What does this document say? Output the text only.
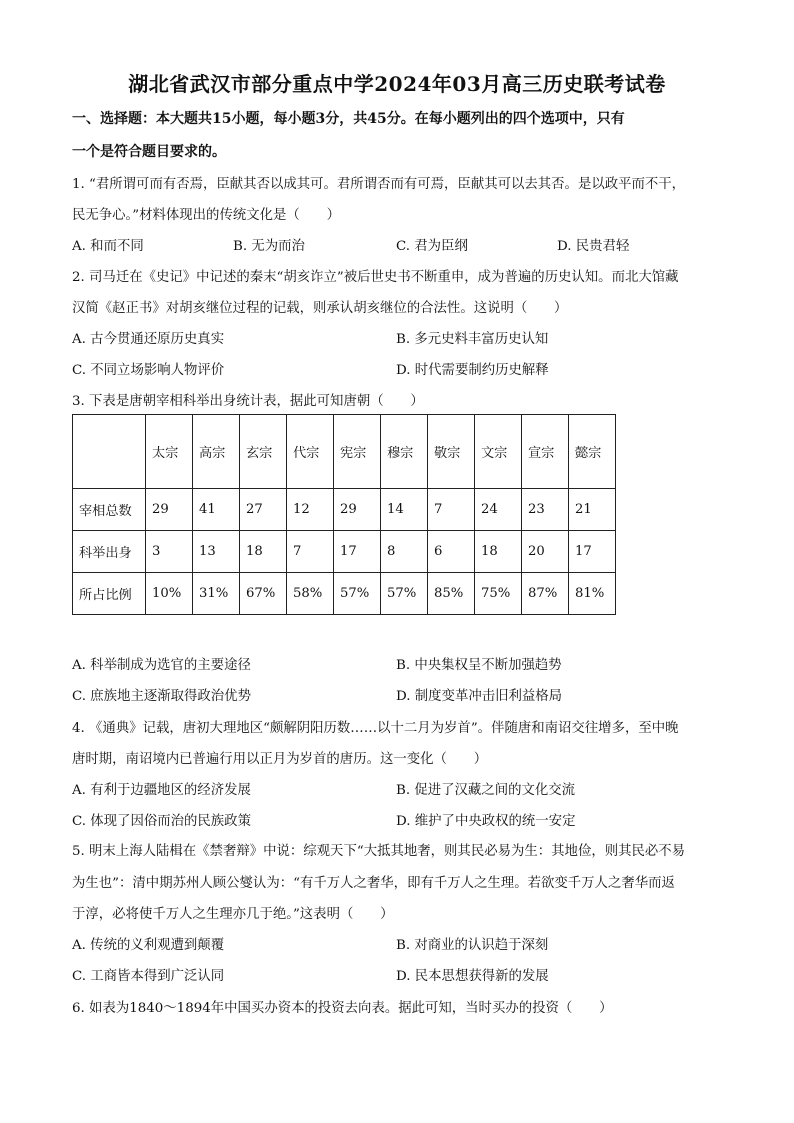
湖北省武汉市部分重点中学2024年03月高三历史联考试卷
一、选择题：本大题共15小题，每小题3分，共45分。在每小题列出的四个选项中，只有
一个是符合题目要求的。
1. “君所谓可而有否焉，臣献其否以成其可。君所谓否而有可焉，臣献其可以去其否。是以政平而不干，
民无争心。”材料体现出的传统文化是（　　）
A. 和而不同	B. 无为而治	C. 君为臣纲	D. 民贵君轻
2. 司马迁在《史记》中记述的秦末“胡亥诈立”被后世史书不断重申，成为普遍的历史认知。而北大馆藏
汉简《赵正书》对胡亥继位过程的记载，则承认胡亥继位的合法性。这说明（　　）
A. 古今贯通还原历史真实	B. 多元史料丰富历史认知
C. 不同立场影响人物评价	D. 时代需要制约历史解释
3. 下表是唐朝宰相科举出身统计表，据此可知唐朝（　　）
	太宗	高宗	玄宗	代宗	宪宗	穆宗	敬宗	文宗	宣宗	懿宗
宰相总数	29	41	27	12	29	14	7	24	23	21
科举出身	3	13	18	7	17	8	6	18	20	17
所占比例	10%	31%	67%	58%	57%	57%	85%	75%	87%	81%
A. 科举制成为选官的主要途径	B. 中央集权呈不断加强趋势
C. 庶族地主逐渐取得政治优势	D. 制度变革冲击旧利益格局
4. 《通典》记载，唐初大理地区“颇解阴阳历数……以十二月为岁首”。伴随唐和南诏交往增多，至中晚
唐时期，南诏境内已普遍行用以正月为岁首的唐历。这一变化（　　）
A. 有利于边疆地区的经济发展	B. 促进了汉藏之间的文化交流
C. 体现了因俗而治的民族政策	D. 维护了中央政权的统一安定
5. 明末上海人陆楫在《禁奢辩》中说：综观天下“大抵其地奢，则其民必易为生：其地俭，则其民必不易
为生也”：清中期苏州人顾公燮认为：“有千万人之奢华，即有千万人之生理。若欲变千万人之奢华而返
于淳，必将使千万人之生理亦几于绝。”这表明（　　）
A. 传统的义利观遭到颠覆	B. 对商业的认识趋于深刻
C. 工商皆本得到广泛认同	D. 民本思想获得新的发展
6. 如表为1840～1894年中国买办资本的投资去向表。据此可知，当时买办的投资（　　）
